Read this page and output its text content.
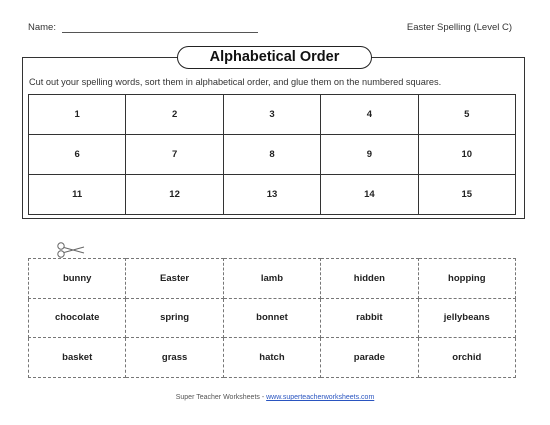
Name:	Easter Spelling (Level C)
Alphabetical Order
Cut out your spelling words, sort them in alphabetical order, and glue them on the numbered squares.
1	2	3	4	5
6	7	8	9	10
11	12	13	14	15
bunny	Easter	lamb	hidden	hopping
chocolate	spring	bonnet	rabbit	jellybeans
basket	grass	hatch	parade	orchid
Super Teacher Worksheets - www.superteacherworksheets.com
